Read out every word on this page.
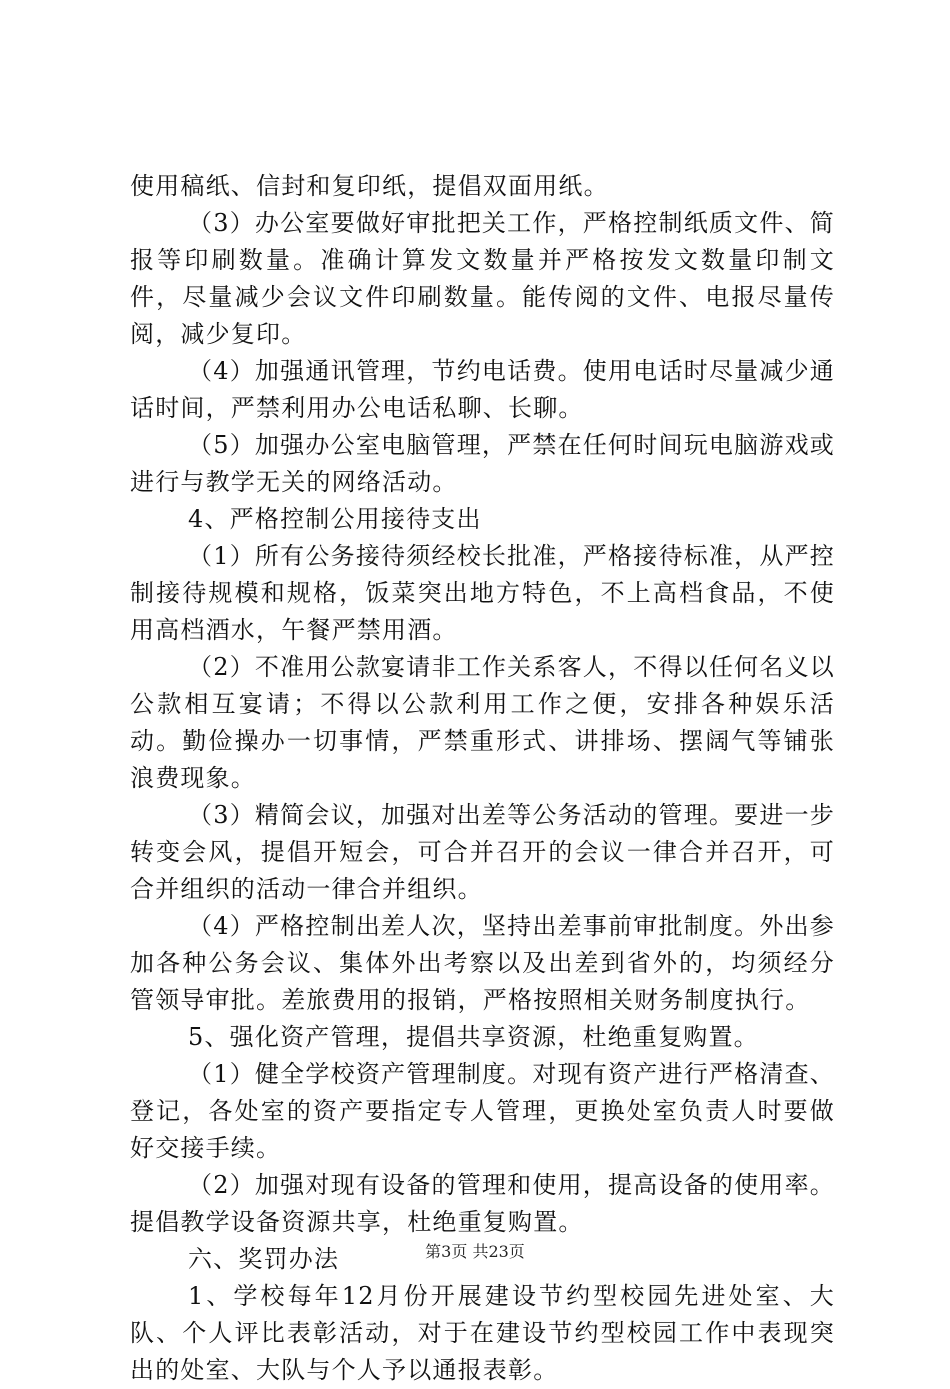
使用稿纸、信封和复印纸，提倡双面用纸。

（3）办公室要做好审批把关工作，严格控制纸质文件、简报等印刷数量。准确计算发文数量并严格按发文数量印制文件，尽量减少会议文件印刷数量。能传阅的文件、电报尽量传阅，减少复印。

（4）加强通讯管理，节约电话费。使用电话时尽量减少通话时间，严禁利用办公电话私聊、长聊。

（5）加强办公室电脑管理，严禁在任何时间玩电脑游戏或进行与教学无关的网络活动。

4、严格控制公用接待支出

（1）所有公务接待须经校长批准，严格接待标准，从严控制接待规模和规格，饭菜突出地方特色，不上高档食品，不使用高档酒水，午餐严禁用酒。

（2）不准用公款宴请非工作关系客人，不得以任何名义以公款相互宴请；不得以公款利用工作之便，安排各种娱乐活动。勤俭操办一切事情，严禁重形式、讲排场、摆阔气等铺张浪费现象。

（3）精简会议，加强对出差等公务活动的管理。要进一步转变会风，提倡开短会，可合并召开的会议一律合并召开，可合并组织的活动一律合并组织。

（4）严格控制出差人次，坚持出差事前审批制度。外出参加各种公务会议、集体外出考察以及出差到省外的，均须经分管领导审批。差旅费用的报销，严格按照相关财务制度执行。

5、强化资产管理，提倡共享资源，杜绝重复购置。

（1）健全学校资产管理制度。对现有资产进行严格清查、登记，各处室的资产要指定专人管理，更换处室负责人时要做好交接手续。

（2）加强对现有设备的管理和使用，提高设备的使用率。提倡教学设备资源共享，杜绝重复购置。

六、奖罚办法

1、学校每年12月份开展建设节约型校园先进处室、大队、个人评比表彰活动，对于在建设节约型校园工作中表现突出的处室、大队与个人予以通报表彰。

第3页 共23页
